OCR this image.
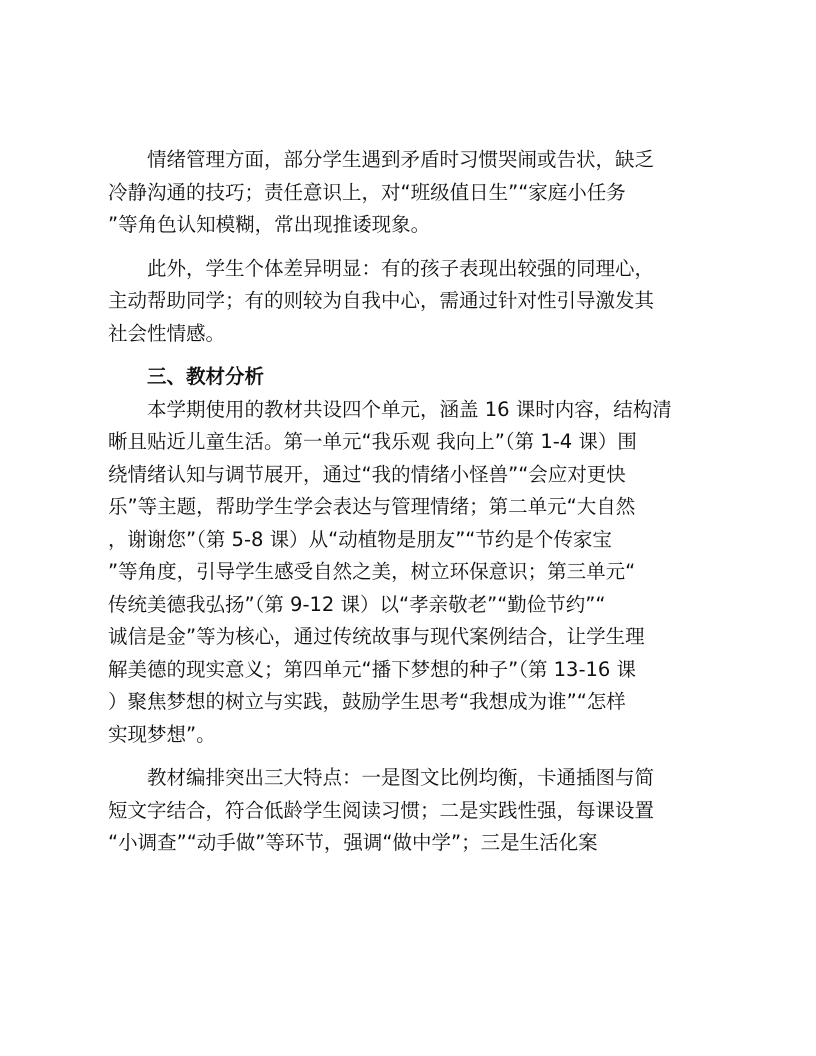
情绪管理方面，部分学生遇到矛盾时习惯哭闹或告状，缺乏
冷静沟通的技巧；责任意识上，对“班级值日生”“家庭小任务
”等角色认知模糊，常出现推诿现象。
此外，学生个体差异明显：有的孩子表现出较强的同理心，
主动帮助同学；有的则较为自我中心，需通过针对性引导激发其
社会性情感。
三、教材分析
本学期使用的教材共设四个单元，涵盖 16 课时内容，结构清
晰且贴近儿童生活。第一单元“我乐观 我向上”（第 1-4 课）围
绕情绪认知与调节展开，通过“我的情绪小怪兽”“会应对更快
乐”等主题，帮助学生学会表达与管理情绪；第二单元“大自然
，谢谢您”（第 5-8 课）从“动植物是朋友”“节约是个传家宝
”等角度，引导学生感受自然之美，树立环保意识；第三单元“
传统美德我弘扬”（第 9-12 课）以“孝亲敬老”“勤俭节约”“
诚信是金”等为核心，通过传统故事与现代案例结合，让学生理
解美德的现实意义；第四单元“播下梦想的种子”（第 13-16 课
）聚焦梦想的树立与实践，鼓励学生思考“我想成为谁”“怎样
实现梦想”。
教材编排突出三大特点：一是图文比例均衡，卡通插图与简
短文字结合，符合低龄学生阅读习惯；二是实践性强，每课设置
“小调查”“动手做”等环节，强调“做中学”；三是生活化案
